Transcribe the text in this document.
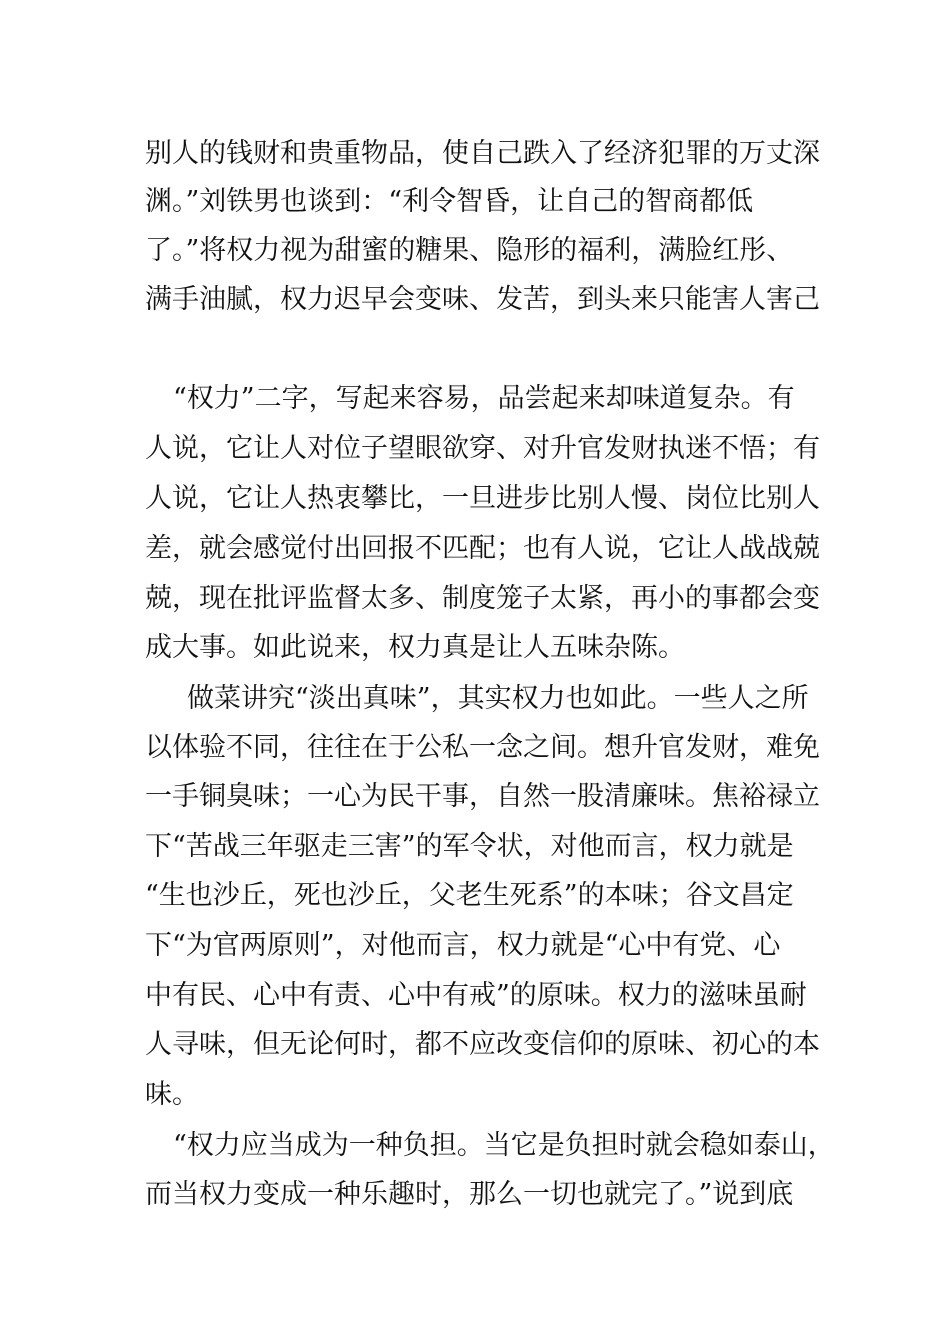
别人的钱财和贵重物品，使自己跌入了经济犯罪的万丈深
渊。”刘铁男也谈到：“利令智昏，让自己的智商都低
了。”将权力视为甜蜜的糖果、隐形的福利，满脸红彤、
满手油腻，权力迟早会变味、发苦，到头来只能害人害己
“权力”二字，写起来容易，品尝起来却味道复杂。有
人说，它让人对位子望眼欲穿、对升官发财执迷不悟；有
人说，它让人热衷攀比，一旦进步比别人慢、岗位比别人
差，就会感觉付出回报不匹配；也有人说，它让人战战兢
兢，现在批评监督太多、制度笼子太紧，再小的事都会变
成大事。如此说来，权力真是让人五味杂陈。
做菜讲究“淡出真味”，其实权力也如此。一些人之所
以体验不同，往往在于公私一念之间。想升官发财，难免
一手铜臭味；一心为民干事，自然一股清廉味。焦裕禄立
下“苦战三年驱走三害”的军令状，对他而言，权力就是
“生也沙丘，死也沙丘，父老生死系”的本味；谷文昌定
下“为官两原则”，对他而言，权力就是“心中有党、心
中有民、心中有责、心中有戒”的原味。权力的滋味虽耐
人寻味，但无论何时，都不应改变信仰的原味、初心的本
味。
“权力应当成为一种负担。当它是负担时就会稳如泰山，
而当权力变成一种乐趣时，那么一切也就完了。”说到底
